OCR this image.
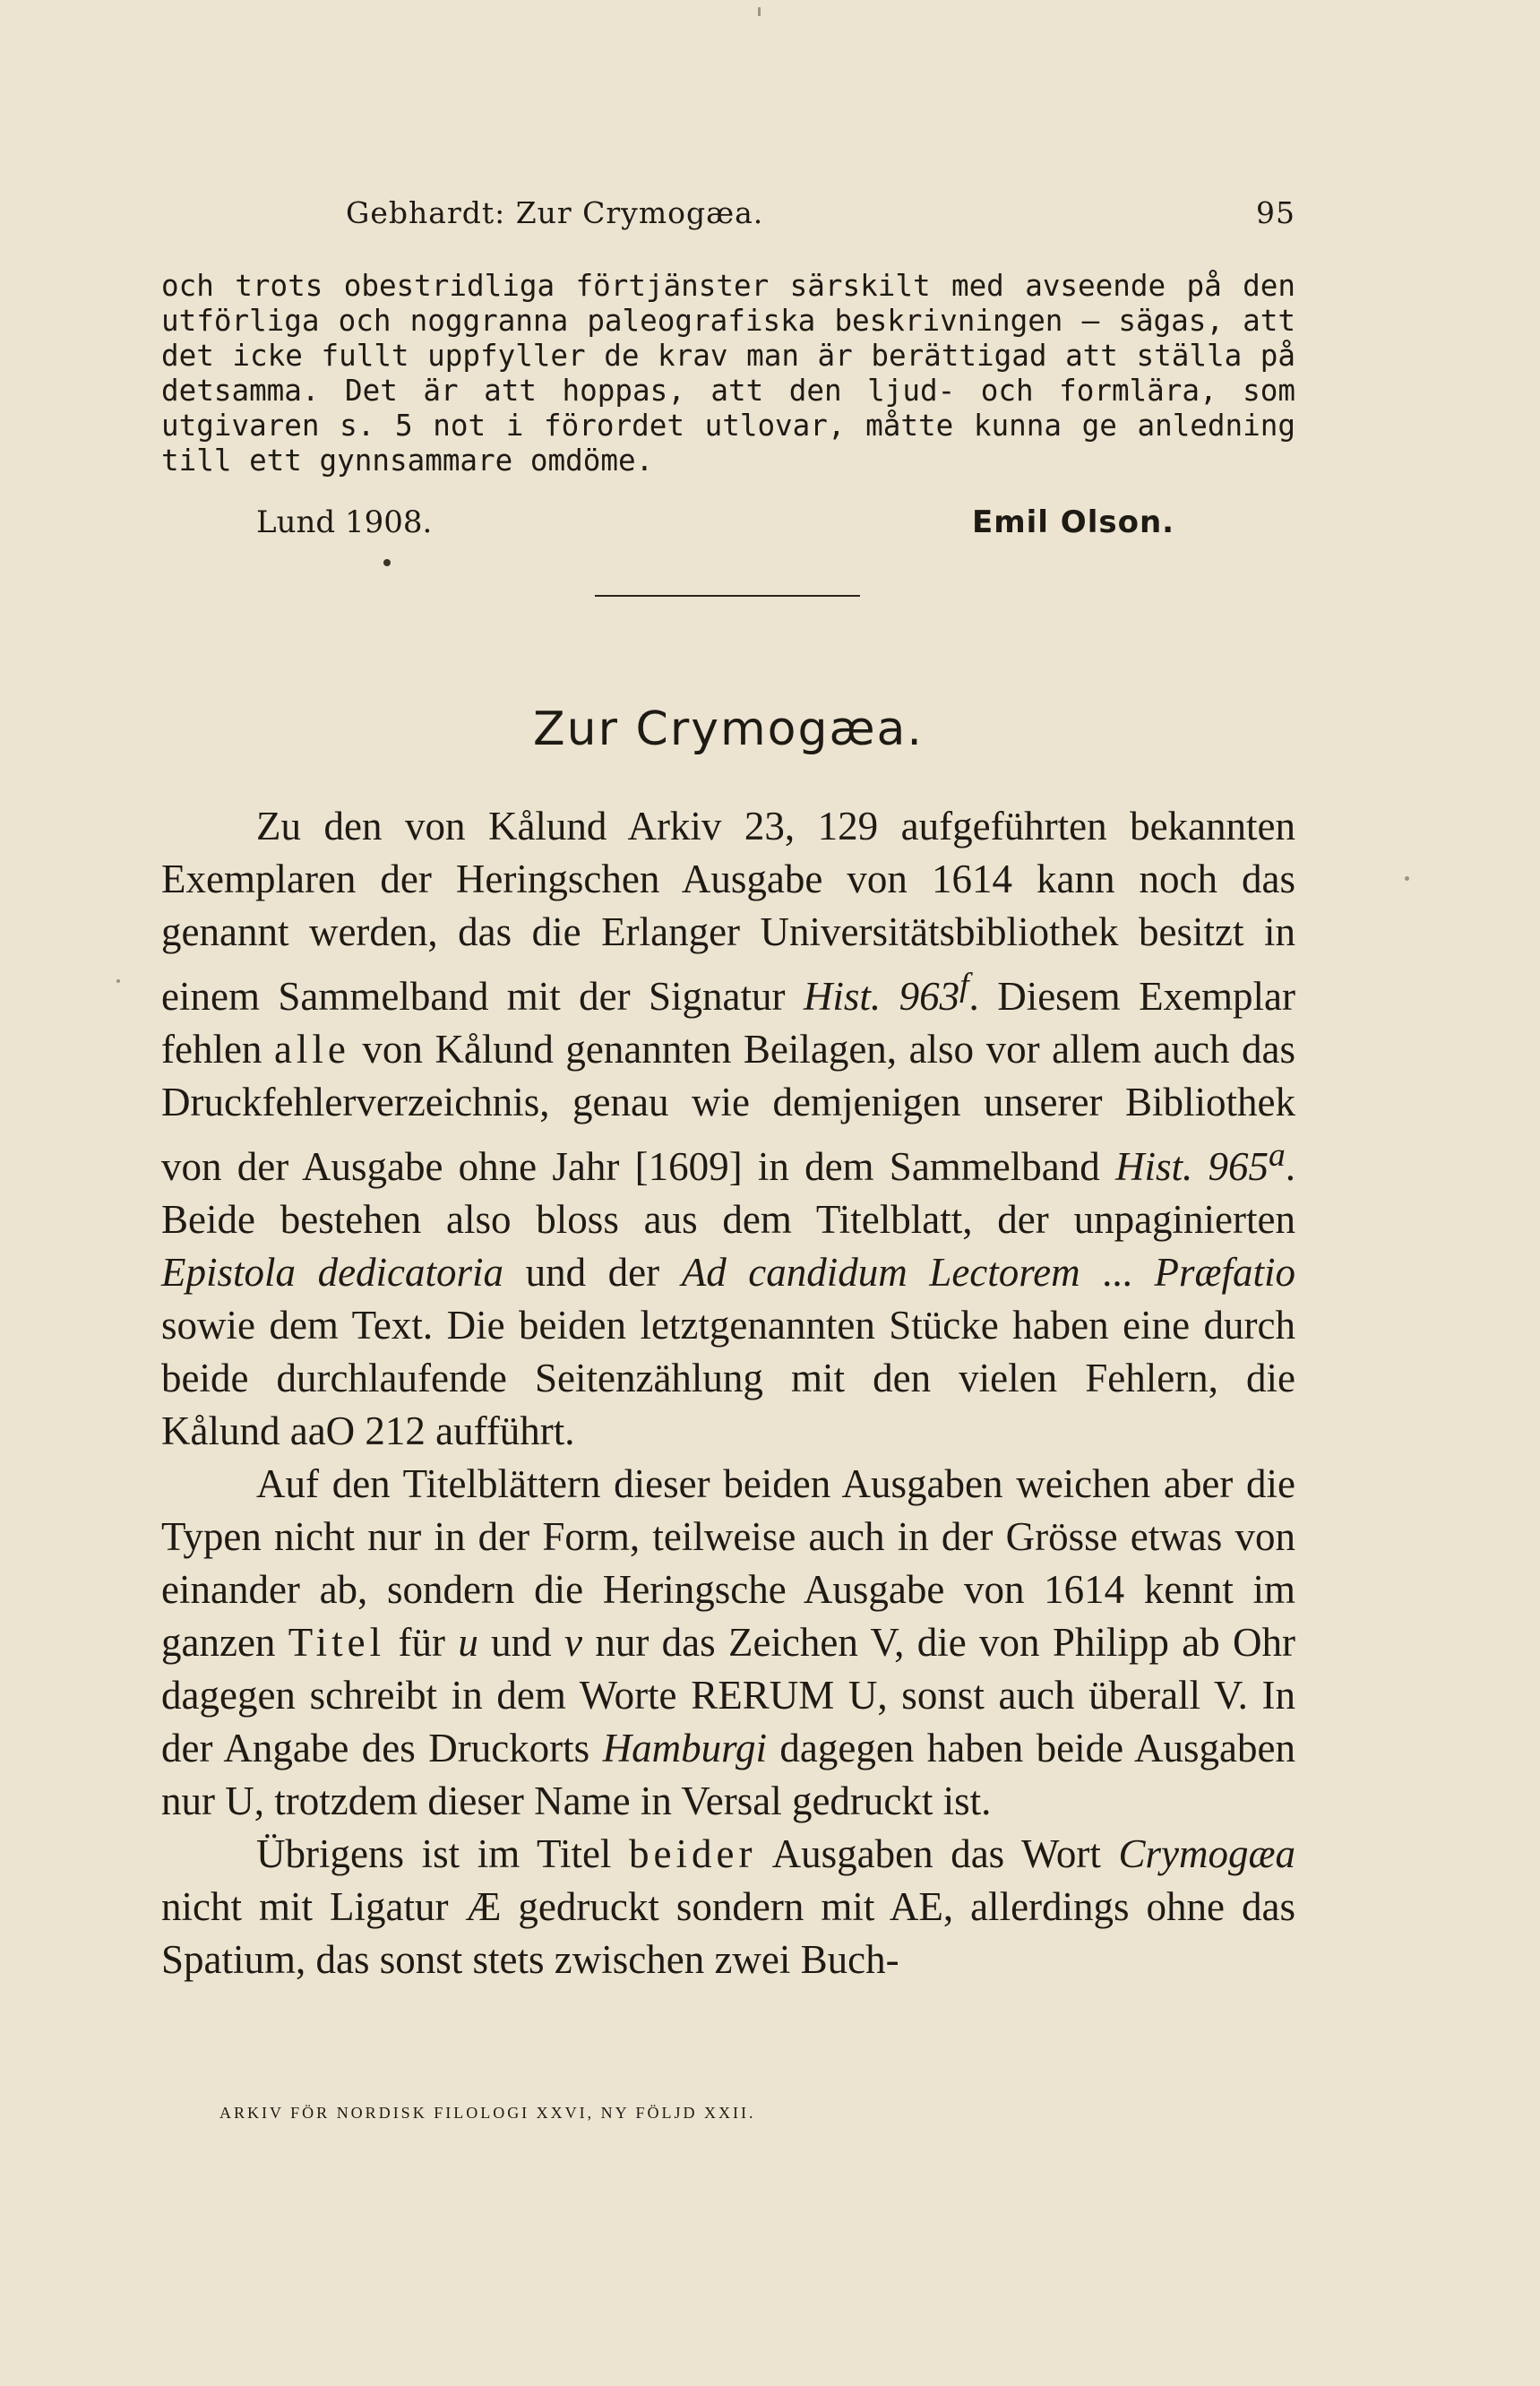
Gebhardt: Zur Crymogæa.	95

och trots obestridliga förtjänster särskilt med avseende på den utförliga och noggranna paleografiska beskrivningen — sägas, att det icke fullt uppfyller de krav man är berättigad att ställa på detsamma. Det är att hoppas, att den ljud- och formlära, som utgivaren s. 5 not i förordet utlovar, måtte kunna ge anledning till ett gynnsammare omdöme.

Lund 1908.	Emil Olson.
Zur Crymogæa.

Zu den von Kålund Arkiv 23, 129 aufgeführten bekannten Exemplaren der Heringschen Ausgabe von 1614 kann noch das genannt werden, das die Erlanger Universitätsbibliothek besitzt in einem Sammelband mit der Signatur Hist. 963$^f$. Diesem Exemplar fehlen alle von Kålund genannten Beilagen, also vor allem auch das Druckfehlerverzeichnis, genau wie demjenigen unserer Bibliothek von der Ausgabe ohne Jahr [1609] in dem Sammelband Hist. 965$^a$. Beide bestehen also bloss aus dem Titelblatt, der unpaginierten Epistola dedicatoria und der Ad candidum Lectorem ... Præfatio sowie dem Text. Die beiden letztgenannten Stücke haben eine durch beide durchlaufende Seitenzählung mit den vielen Fehlern, die Kålund aaO 212 aufführt.

Auf den Titelblättern dieser beiden Ausgaben weichen aber die Typen nicht nur in der Form, teilweise auch in der Grösse etwas von einander ab, sondern die Heringsche Ausgabe von 1614 kennt im ganzen Titel für u und v nur das Zeichen V, die von Philipp ab Ohr dagegen schreibt in dem Worte RERUM U, sonst auch überall V. In der Angabe des Druckorts Hamburgi dagegen haben beide Ausgaben nur U, trotzdem dieser Name in Versal gedruckt ist.

Übrigens ist im Titel beider Ausgaben das Wort Crymogæa nicht mit Ligatur Æ gedruckt sondern mit AE, allerdings ohne das Spatium, das sonst stets zwischen zwei Buch-

ARKIV FÖR NORDISK FILOLOGI XXVI, NY FÖLJD XXII.
